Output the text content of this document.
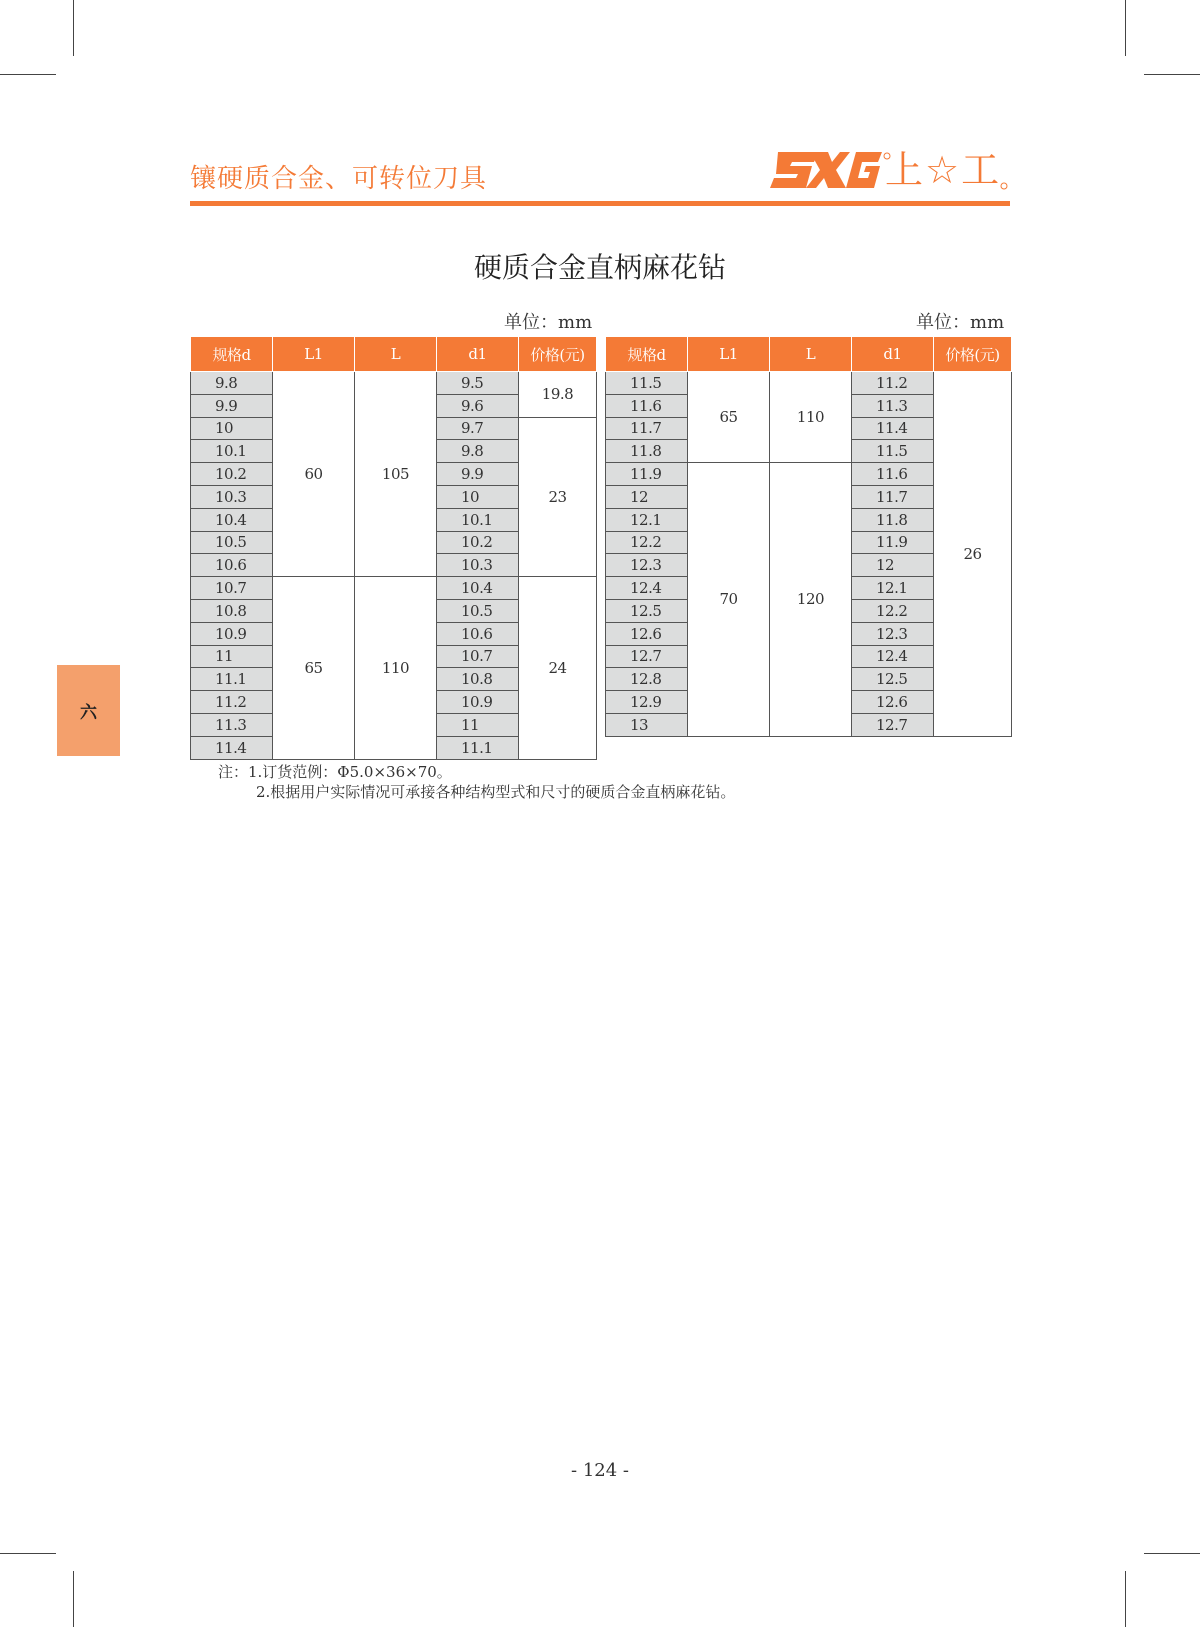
镶硬质合金、可转位刀具	上☆工
硬质合金直柄麻花钻
单位：mm	单位：mm
规格d	L1	L	d1	价格(元)
9.8	60	105	9.5	19.8
9.9			9.6	
10			9.7	23
10.1			9.8	
10.2			9.9	
10.3			10	
10.4			10.1	
10.5			10.2	
10.6			10.3	
10.7	65	110	10.4	24
10.8			10.5	
10.9			10.6	
11			10.7	
11.1			10.8	
11.2			10.9	
11.3			11	
11.4			11.1	
规格d	L1	L	d1	价格(元)
11.5	65	110	11.2	26
11.6			11.3	
11.7			11.4	
11.8			11.5	
11.9	70	120	11.6	
12			11.7	
12.1			11.8	
12.2			11.9	
12.3			12	
12.4			12.1	
12.5			12.2	
12.6			12.3	
12.7			12.4	
12.8			12.5	
12.9			12.6	
13			12.7	
注：1.订货范例：Φ5.0×36×70。
2.根据用户实际情况可承接各种结构型式和尺寸的硬质合金直柄麻花钻。
六
- 124 -
